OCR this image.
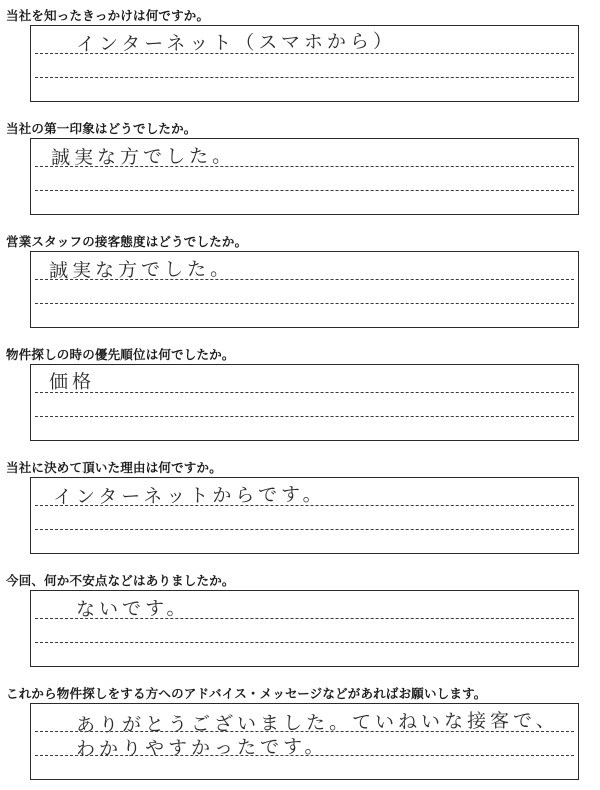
当社を知ったきっかけは何ですか。
インターネット（スマホから）
当社の第一印象はどうでしたか。
誠実な方でした。
営業スタッフの接客態度はどうでしたか。
誠実な方でした。
物件探しの時の優先順位は何でしたか。
価格
当社に決めて頂いた理由は何ですか。
インターネットからです。
今回、何か不安点などはありましたか。
ないです。
これから物件探しをする方へのアドバイス・メッセージなどがあればお願いします。
ありがとうございました。ていねいな接客で、
わかりやすかったです。
